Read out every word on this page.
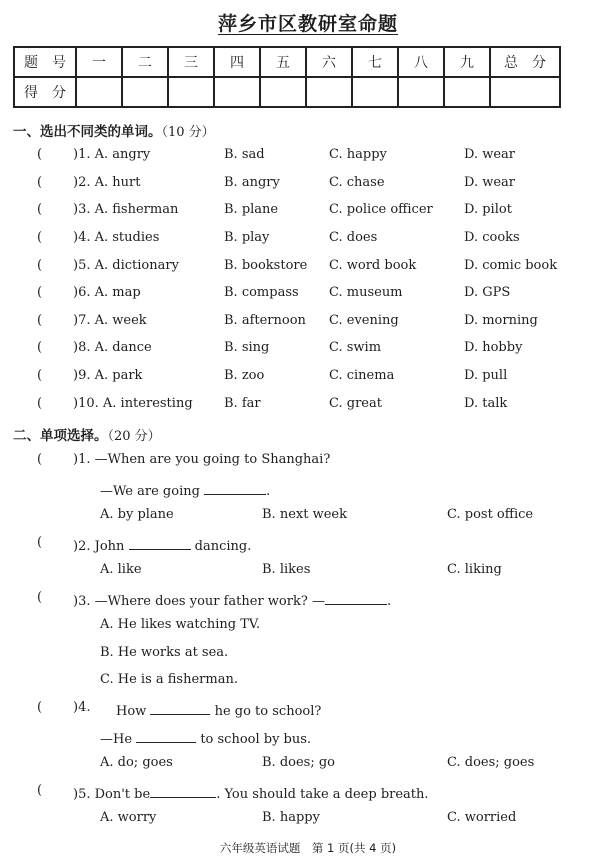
萍乡市区教研室命题
题　号	一	二	三	四	五	六	七	八	九	总　分
得　分										
一、选出不同类的单词。（10 分）
( )1. A. angry	B. sad	C. happy	D. wear
( )2. A. hurt	B. angry	C. chase	D. wear
( )3. A. fisherman	B. plane	C. police officer D. pilot
( )4. A. studies	B. play	C. does	D. cooks
( )5. A. dictionary	B. bookstore C. word book	D. comic book
( )6. A. map	B. compass C. museum	D. GPS
( )7. A. week	B. afternoon C. evening	D. morning
( )8. A. dance	B. sing	C. swim	D. hobby
( )9. A. park	B. zoo	C. cinema	D. pull
( )10. A. interesting B. far	C. great	D. talk
二、单项选择。（20 分）
( )1. —When are you going to Shanghai?
—We are going	.
A. by plane	B. next week	C. post office
( )2. John	dancing.
A. like	B. likes	C. liking
( )3. —Where does your father work? —	.
A. He likes watching TV.
B. He works at sea.
C. He is a fisherman.
( )4. How	he go to school?
—He	to school by bus.
A. do; goes	B. does; go	C. does; goes
( )5. Don't be	. You should take a deep breath.
A. worry	B. happy	C. worried
六年级英语试题　第 1 页(共 4 页)
